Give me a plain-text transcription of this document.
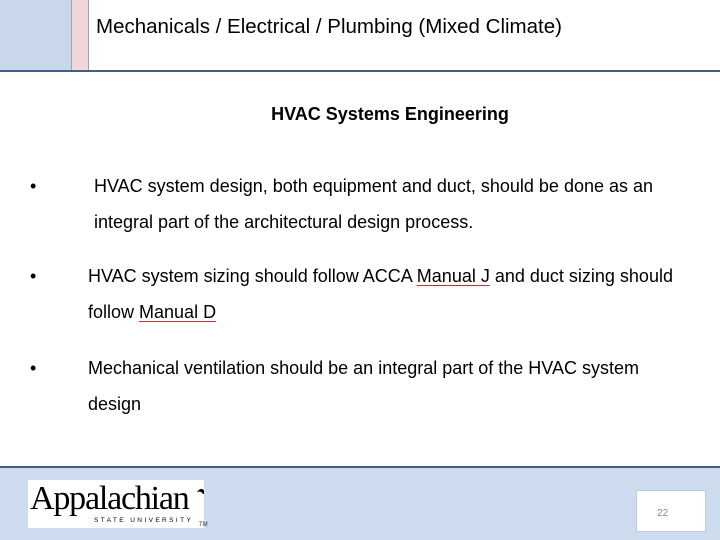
Mechanicals / Electrical / Plumbing (Mixed Climate)
HVAC Systems Engineering
•	HVAC system design, both equipment and duct, should be done as an integral part of the architectural design process.
•	HVAC system sizing should follow ACCA Manual J and duct sizing should follow Manual D
•	Mechanical ventilation should be an integral part of the HVAC system design
Appalachian
STATE UNIVERSITY
TM
22
